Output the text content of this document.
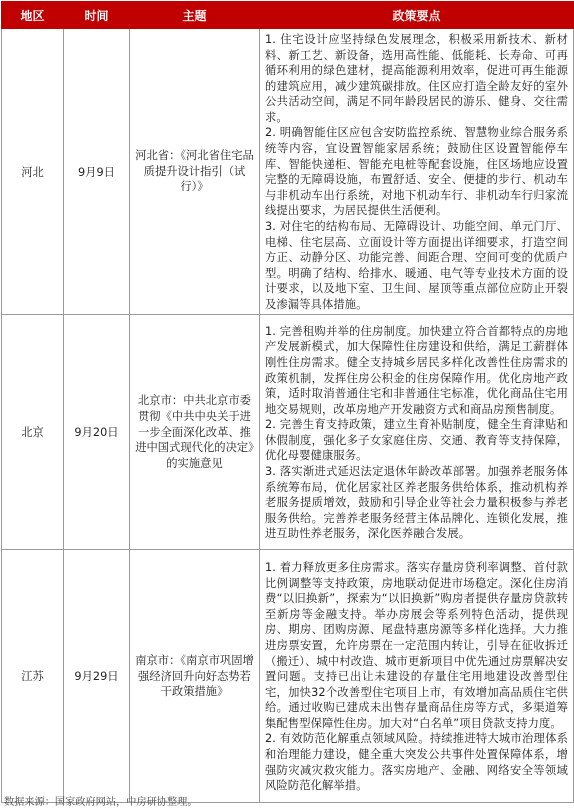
地区	时间	主题	政策要点
河北	9月9日	河北省：《河北省住宅品质提升设计指引（试行）》	1. 住宅设计应坚持绿色发展理念，积极采用新技术、新材料、新工艺、新设备，选用高性能、低能耗、长寿命、可再循环利用的绿色建材，提高能源利用效率，促进可再生能源的建筑应用，减少建筑碳排放。住区应打造全龄友好的室外公共活动空间，满足不同年龄段居民的游乐、健身、交往需求。

2. 明确智能住区应包含安防监控系统、智慧物业综合服务系统等内容，宜设置智能家居系统；鼓励住区设置智能停车库、智能快递柜、智能充电桩等配套设施，住区场地应设置完整的无障碍设施，布置舒适、安全、便捷的步行、机动车与非机动车出行系统，对地下机动车行、非机动车行归家流线提出要求，为居民提供生活便利。

3. 对住宅的结构布局、无障碍设计、功能空间、单元门厅、电梯、住宅层高、立面设计等方面提出详细要求，打造空间方正、动静分区、功能完善、间距合理、空间可变的优质户型。明确了结构、给排水、暖通、电气等专业技术方面的设计要求，以及地下室、卫生间、屋顶等重点部位应防止开裂及渗漏等具体措施。

北京	9月20日	北京市：中共北京市委贯彻《中共中央关于进一步全面深化改革、推进中国式现代化的决定》的实施意见	1. 完善租购并举的住房制度。加快建立符合首都特点的房地产发展新模式，加大保障性住房建设和供给，满足工薪群体刚性住房需求。健全支持城乡居民多样化改善性住房需求的政策机制，发挥住房公积金的住房保障作用。优化房地产政策，适时取消普通住宅和非普通住宅标准，优化商品住宅用地交易规则，改革房地产开发融资方式和商品房预售制度。

2. 完善生育支持政策，建立生育补贴制度，健全生育津贴和休假制度，强化多子女家庭住房、交通、教育等支持保障，优化母婴健康服务。

3. 落实渐进式延迟法定退休年龄改革部署。加强养老服务体系统筹布局，优化居家社区养老服务供给体系，推动机构养老服务提质增效，鼓励和引导企业等社会力量积极参与养老服务供给。完善养老服务经营主体品牌化、连锁化发展，推进互助性养老服务，深化医养融合发展。

江苏	9月29日	南京市：《南京市巩固增强经济回升向好态势若干政策措施》	1. 着力释放更多住房需求。落实存量房贷利率调整、首付款比例调整等支持政策，房地联动促进市场稳定。深化住房消费“以旧换新”，探索为“以旧换新”购房者提供存量房贷款转至新房等金融支持。举办房展会等系列特色活动，提供现房、期房、团购房源、尾盘特惠房源等多样化选择。大力推进房票安置，允许房票在一定范围内转让，引导在征收拆迁（搬迁）、城中村改造、城市更新项目中优先通过房票解决安置问题。支持已出让未建设的存量住宅用地建设改善型住宅，加快32个改善型住宅项目上市，有效增加高品质住宅供给。通过收购已建成未出售存量商品住房等方式，多渠道筹集配售型保障性住房。加大对“白名单”项目贷款支持力度。

2. 有效防范化解重点领域风险。持续推进特大城市治理体系和治理能力建设，健全重大突发公共事件处置保障体系，增强防灾减灾救灾能力。落实房地产、金融、网络安全等领域风险防范化解举措。

数据来源：国家政府网站，中房研协整理。
